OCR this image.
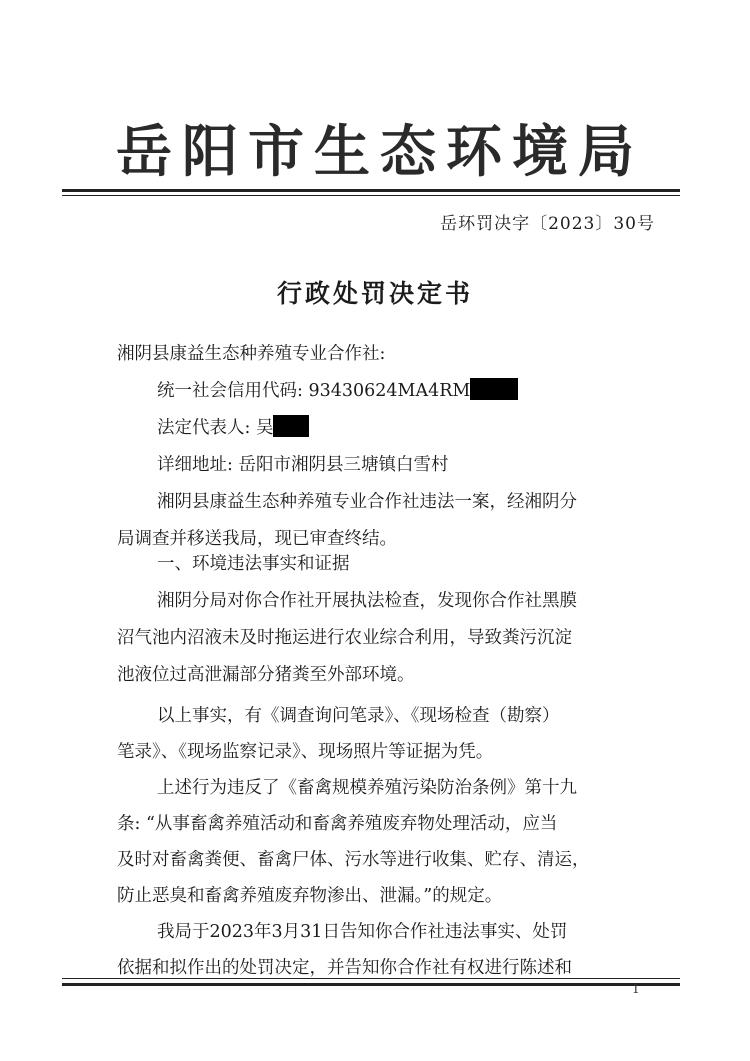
岳阳市生态环境局
岳环罚决字〔2023〕30号
行政处罚决定书
湘阴县康益生态种养殖专业合作社:
统一社会信用代码: 93430624MA4RM
法定代表人: 吴
详细地址: 岳阳市湘阴县三塘镇白雪村
湘阴县康益生态种养殖专业合作社违法一案，经湘阴分
局调查并移送我局，现已审查终结。
一、环境违法事实和证据
湘阴分局对你合作社开展执法检查，发现你合作社黑膜
沼气池内沼液未及时拖运进行农业综合利用，导致粪污沉淀
池液位过高泄漏部分猪粪至外部环境。
以上事实，有《调查询问笔录》、《现场检查（勘察）
笔录》、《现场监察记录》、现场照片等证据为凭。
上述行为违反了《畜禽规模养殖污染防治条例》第十九
条: “从事畜禽养殖活动和畜禽养殖废弃物处理活动，应当
及时对畜禽粪便、畜禽尸体、污水等进行收集、贮存、清运，
防止恶臭和畜禽养殖废弃物渗出、泄漏。”的规定。
我局于2023年3月31日告知你合作社违法事实、处罚
依据和拟作出的处罚决定，并告知你合作社有权进行陈述和
1
